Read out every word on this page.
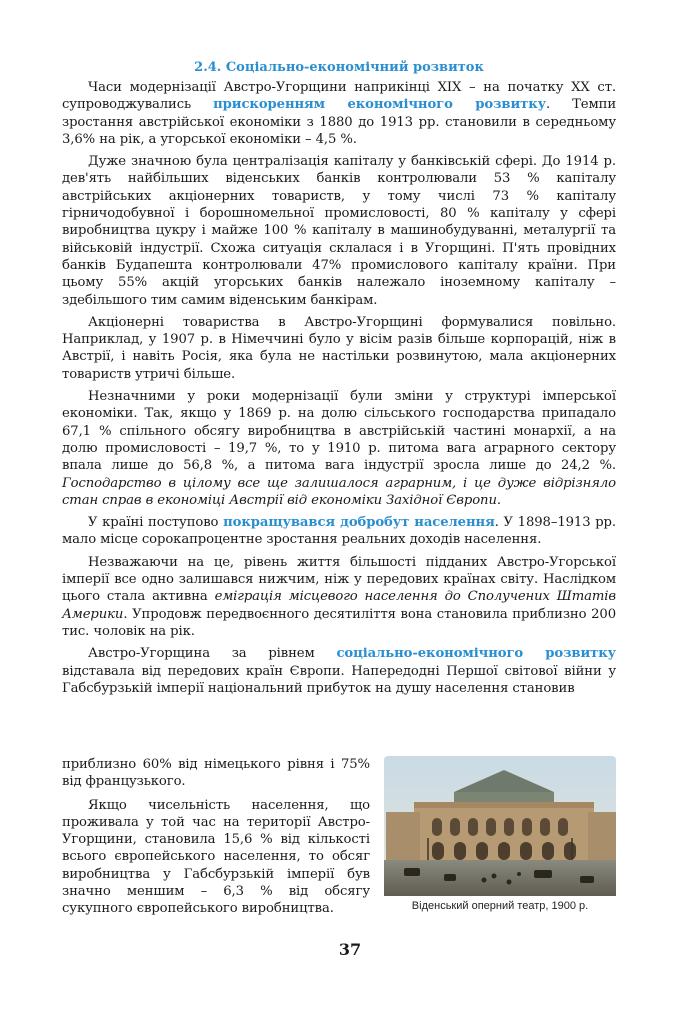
2.4. Соціально-економічний розвиток

Часи модернізації Австро-Угорщини наприкінці XIX – на початку XX ст. супроводжувались прискоренням економічного розвитку. Темпи зростання австрійської економіки з 1880 до 1913 рр. становили в середньому 3,6% на рік, а угорської економіки – 4,5 %.

Дуже значною була централізація капіталу у банківській сфері. До 1914 р. дев'ять найбільших віденських банків контролювали 53 % капіталу австрійських акціонерних товариств, у тому числі 73 % капіталу гірничодобувної і борошномельної промисловості, 80 % капіталу у сфері виробництва цукру і майже 100 % капіталу в машинобудуванні, металургії та військовій індустрії. Схожа ситуація склалася і в Угорщині. П'ять провідних банків Будапешта контролювали 47% промислового капіталу країни. При цьому 55% акцій угорських банків належало іноземному капіталу – здебільшого тим самим віденським банкірам.

Акціонерні товариства в Австро-Угорщині формувалися повільно. Наприклад, у 1907 р. в Німеччині було у вісім разів більше корпорацій, ніж в Австрії, і навіть Росія, яка була не настільки розвинутою, мала акціонерних товариств утричі більше.

Незначними у роки модернізації були зміни у структурі імперської економіки. Так, якщо у 1869 р. на долю сільського господарства припадало 67,1 % спільного обсягу виробництва в австрійській частині монархії, а на долю промисловості – 19,7 %, то у 1910 р. питома вага аграрного сектору впала лише до 56,8 %, а питома вага індустрії зросла лише до 24,2 %. Господарство в цілому все ще залишалося аграрним, і це дуже відрізняло стан справ в економіці Австрії від економіки Західної Європи.

У країні поступово покращувався добробут населення. У 1898–1913 рр. мало місце сорокапроцентне зростання реальних доходів населення.

Незважаючи на це, рівень життя більшості підданих Австро-Угорської імперії все одно залишався нижчим, ніж у передових країнах світу. Наслідком цього стала активна еміграція місцевого населення до Сполучених Штатів Америки. Упродовж передвоєнного десятиліття вона становила приблизно 200 тис. чоловік на рік.

Австро-Угорщина за рівнем соціально-економічного розвитку відставала від передових країн Європи. Напередодні Першої світової війни у Габсбурзькій імперії національний прибуток на душу населення становив

приблизно 60% від німецького рівня і 75% від французького.

Якщо чисельність населення, що проживала у той час на території Австро-Угорщини, становила 15,6 % від кількості всього європейського населення, то обсяг виробництва у Габсбурзькій імперії був значно меншим – 6,3 % від обсягу сукупного європейського виробництва.	Віденський оперний театр, 1900 р.
37
